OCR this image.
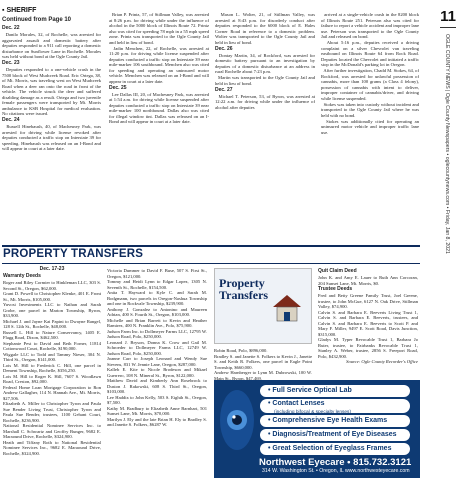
▪ SHERIFF
Continued from Page 10
Dec. 22

Danilo Morales, 32, of Rochelle, was arrested for aggravated assault and domestic battery after deputies responded to a 911 call reporting a domestic disturbance on Sunflower Lane in Rochelle. Morales was held without bond at the Ogle County Jail.

Dec. 23

Deputies responded to a one-vehicle crash in the 7500 block of West Mudcreek Road. Eric Ortega, 38, of Mt. Morris, was traveling west on West Mudcreek Road when a deer ran onto the road in front of the vehicle. The vehicle struck the deer and suffered disabling damage as a result. Ortega and two juvenile female passengers were transported by Mt. Morris ambulance to KSB Hospital for medical evaluation. No citations were issued.

Dec. 24

Russell Hinebaush, 40, of Machesney Park, was arrested for driving while license revoked after deputies conducted a traffic stop on Interstate 39 for speeding. Hinebaush was released on an I-Bond and will appear in court at a later date.

Brian P. Printz, 57, of Stillman Valley, was arrested at 8:26 p.m. for driving while under the influence of alcohol in the 5000 block of Illinois Route 72. Printz also was cited for speeding 78 mph in a 55 mph speed zone. Printz was transported to the Ogle County Jail and held in lieu of bond.

Jadin Menchen, 22, of Rochelle, was arrested at 11:20 p.m. for driving while license suspended after deputies conducted a traffic stop on Interstate 39 near mile-marker 106 southbound. Menchen also was cited for speeding and operating an uninsured motor vehicle. Menchen was released on an I-Bond and will appear in court at a later date.

Dec. 25

Lee Dallas III, 20, of Machesney Park, was arrested at 1:54 a.m. for driving while license suspended after deputies conducted a traffic stop on Interstate 39 near mile-marker 100 northbound. Dallas also was cited for illegal window tint. Dallas was released on an I-Bond and will appear in court at a later date.

Mason L. Wolter, 21, of Stillman Valley, was arrested at 8:43 p.m. for disorderly conduct after deputies responded to the 6000 block of E. Hales Corner Road in reference to a domestic problem. Wolter was transported to the Ogle County Jail and held in lieu of bond.

Dec. 26

Dontay Martin, 34, of Rockford, was arrested for domestic battery pursuant to an investigation by deputies of a domestic disturbance at an address in rural Rochelle about 7:23 p.m.

Martin was transported to the Ogle County Jail and held in lieu of bond.

Dec. 27

Michael T. Peterson, 53, of Byron, was arrested at 12:22 a.m. for driving while under the influence of alcohol after deputies

arrived at a single-vehicle crash in the 8200 block of Illinois Route 251. Peterson also was cited for failure to report a vehicle accident and improper lane use. Peterson was transported to the Ogle County Jail and released on bond.

About 5:16 p.m., deputies received a driving complaint on a silver Chevrolet van traveling eastbound on Illinois Route 64 from Rock Road. Deputies located the Chevrolet and initiated a traffic stop in the McDonald's parking lot in Oregon.

After further investigation, Chadd M. Stokes, 64, of Rockford, was arrested for unlawful possession of cannabis, more than 100 grams (a Class 4 felony), possession of cannabis with intent to deliver, improper container of cannabis/driver, and driving while license suspended.

Stokes was taken into custody without incident and transported to the Ogle County Jail where he was held with no bond.

Stokes was additionally cited for operating an uninsured motor vehicle and improper traffic lane use.

11
OGLE COUNTY NEWS | Ogle County Newspapers • oglecountynews.com • Friday, Jan 8, 2021
PROPERTY TRANSFERS
Dec. 17-23
Warranty Deeds
Roger and Riley Cormier to Hinkleman LLC, 303 S. Second St., Oregon, $62,000.
Grant D. Powell to Christopher Klenke, 401 E. Front St., Mt. Morris, $105,000.
Yuvosi Investments LLC to Nathan and Sarah Grobe, one parcel in Marion Township, Byron, $33,900.
Michael J. and Jayne Kai Papini to Dwayne Rangel, 128 S. 12th St., Rochelle, $48,000.
Russell L. Hill to Nature Conservancy, 1405 E. Flagg Road, Dixon, $462,500.
Stephanie Pest to David and Beth Forner, 11814 Cottonwood Court, Rochelle, $190,000.
Wiggale LLC to Todd and Tammy Nieser, 304 N. Third St., Oregon, $141,000.
Lois M. Hill to Frederick C. Hill, one parcel in Dement Township, Rochelle, $356,250.
Lois M. Hill to Roger K. Hill, 7607 S. Woodlawn Road, Creston, $92,000.
Federal Home Loan Mortgage Corporation to Ron Andrew Gallagher, 114 N. Hannah Ave., Mt. Morris, $27,506.
Elizabeth A. Miller to Christopher Tyron and Paula Sue Bender Living Trust, Christopher Tyron and Paula Sue Bender, trustees, 1100 Gehant Court, Rochelle, $236,900.
National Residential Nominee Services Inc. to Marshall C. Schwartz and Geoffry Bunger, 9682 E. Maraound Drive, Rochelle, $324,900.
Heath and Tiffany Roth to National Residential Nominee Services Inc., 9682 E. Maraound Drive, Rochelle, $324,900.
Victoria Dummer to David F. Buse, 507 S. First St., Oregon, $121,000.
Tommy and Heidi Lynn to Edgar Lopez, 1305 N. Seventh St., Rochelle, $154,500.
Anita T. Hayward to Kyle C. and Sarah M. Bodgmann, two parcels in Oregon-Nashua Township and one in Rockvale Township, $239,900.
Anthony J. Gonzalez to Antonino and Maureen Adrian, 400 S. Fourth St., Oregon, $103,000.
Michelle and Brian Barrett to Kevin and Heather Ramirez, 400 N. Franklin Ave., Polo, $75,900.
Judson Farm Inc. to Dollmeyer Farms LLC, 12795 W. Judson Road, Polo, $250,000.
Leonard J. Bryson, Donna K. Crow and Gail M. Schroeder to Dollmeyer Farms LLC, 12749 W. Judson Road, Polo, $250,000.
Joanne Carr to Joseph Leonard and Wendy Sue Stevens, 831 W. Jennie Lane, Oregon, $287,000.
Kalleb E. Kite to Nicole Brodeson and Mikael Guerrero, 108 N. Mineral St., Byron, $122,000.
Matthew David and Kimberly Ann Rosebrock to Duston J. Rakowski, 608 S. Third St., Oregon, $103,000.
Lee Haddix to John Kelly, 503 S. Eighth St., Oregon, $7,500.
Kathy M. Bradbury to Elizabeth Anne Barnhart, 501 Sunset Lane, Mt. Morris, $70,000.
Marilyn J. Ely and the late Brian H. Ely to Bradley S. and Janette S. Folkers, $6287 W.
Property
Transfers
Robin Road, Polo, $896,000.
Bradley S. and Janette S. Folkers to Kevin J., Janette S. and Keith R. Folkers, one parcel in Eagle Point Township, $660,000.
Andrew Harnberger to Lynn M. Dubrowski, 100 W. Main St., Byron, $47,469.
Quit Claim Deed
John K. and Amy E. Lauer to Ruth Ann Corcoran, 204 Sunset Lane, Mt. Morris, $0.
Trustee Deeds
Fred and Betty Greene Family Trust, Joel Greene, trustee, to John McGue, 6127 N. Oak Drive, Stillman Valley, $74,900.
Calvin S. and Barbara E. Beeverts Living Trust 1, Calvin S. and Barbara E. Beeverts, trustees, and Calvin S. and Barbara E. Beeverts to Scott P. and Mary F. Miller, 9497 E. Scott Road, Davis Junction, $315,000.
Gladys M. Typer Revocable Trust 1, Barbara Jo Ruter, trustee, to Fairbanks Revocable Trust 1, Stanley A. Weber, trustee, 2856 S. Freeport Road, Polo, $432,900.
Source: Ogle County Recorder's Office
• Full Service Optical Lab
• Contact Lenses
(including bifocal & specialty lenses)
• Comprehensive Eye Health Exams
• Diagnosis/Treatment of Eye Diseases
• Great Selection of Eyeglass Frames
Northwest Eyecare • 815.732.3121
314 W. Washington St. • Oregon, IL www.northwesteyecare.com
